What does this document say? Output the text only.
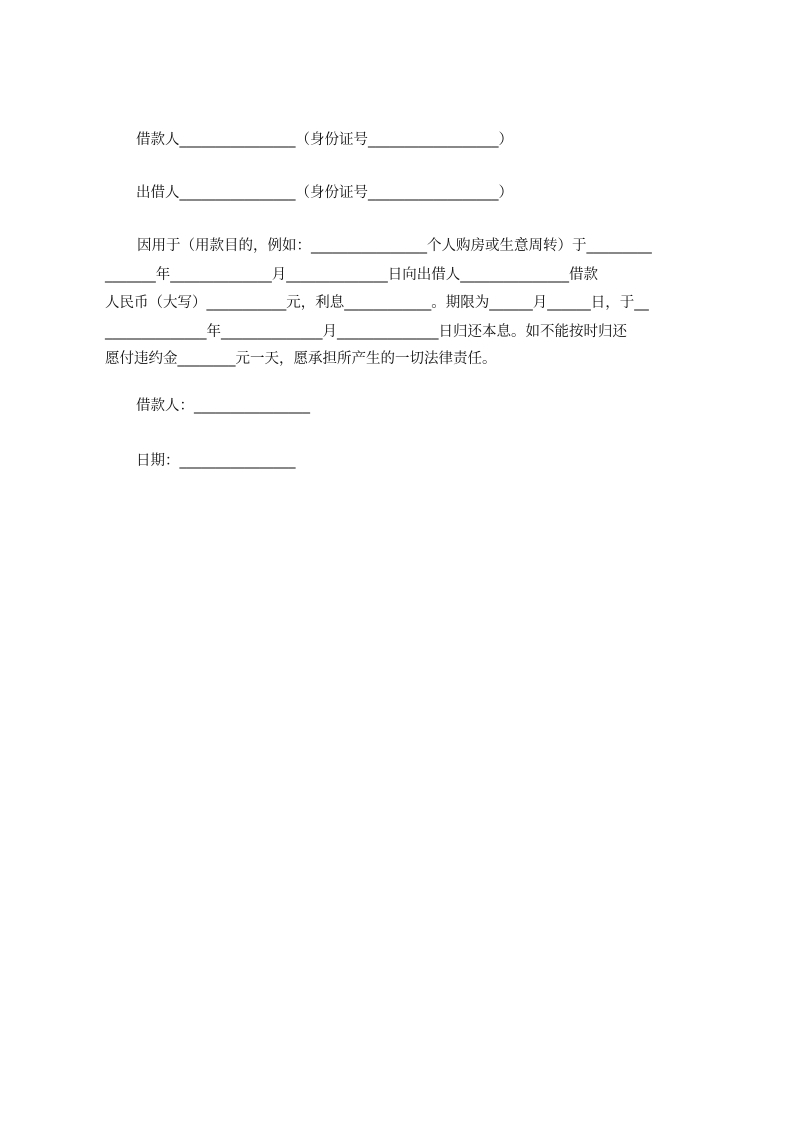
借款人________________（身份证号__________________）

出借人________________（身份证号__________________）

因用于（用款目的，例如：________________个人购房或生意周转）于_________

_______年______________月______________日向出借人_______________借款

人民币（大写）___________元，利息____________。期限为______月______日，于__

______________年______________月______________日归还本息。如不能按时归还

愿付违约金________元一天，愿承担所产生的一切法律责任。

借款人：________________

日期：________________
